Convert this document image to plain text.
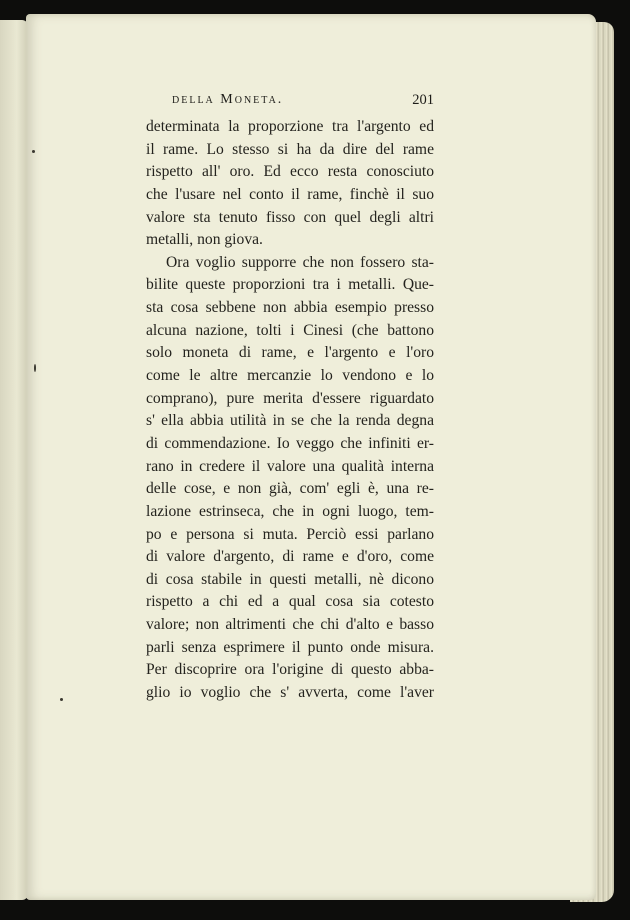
della Moneta.	201
determinata la proporzione tra l'argento ed
il rame. Lo stesso si ha da dire del rame
rispetto all' oro. Ed ecco resta conosciuto
che l'usare nel conto il rame, finchè il suo
valore sta tenuto fisso con quel degli altri
metalli, non giova.
Ora voglio supporre che non fossero sta-
bilite queste proporzioni tra i metalli. Que-
sta cosa sebbene non abbia esempio presso
alcuna nazione, tolti i Cinesi (che battono
solo moneta di rame, e l'argento e l'oro
come le altre mercanzie lo vendono e lo
comprano), pure merita d'essere riguardato
s' ella abbia utilità in se che la renda degna
di commendazione. Io veggo che infiniti er-
rano in credere il valore una qualità interna
delle cose, e non già, com' egli è, una re-
lazione estrinseca, che in ogni luogo, tem-
po e persona si muta. Perciò essi parlano
di valore d'argento, di rame e d'oro, come
di cosa stabile in questi metalli, nè dicono
rispetto a chi ed a qual cosa sia cotesto
valore; non altrimenti che chi d'alto e basso
parli senza esprimere il punto onde misura.
Per discoprire ora l'origine di questo abba-
glio io voglio che s' avverta, come l'aver
